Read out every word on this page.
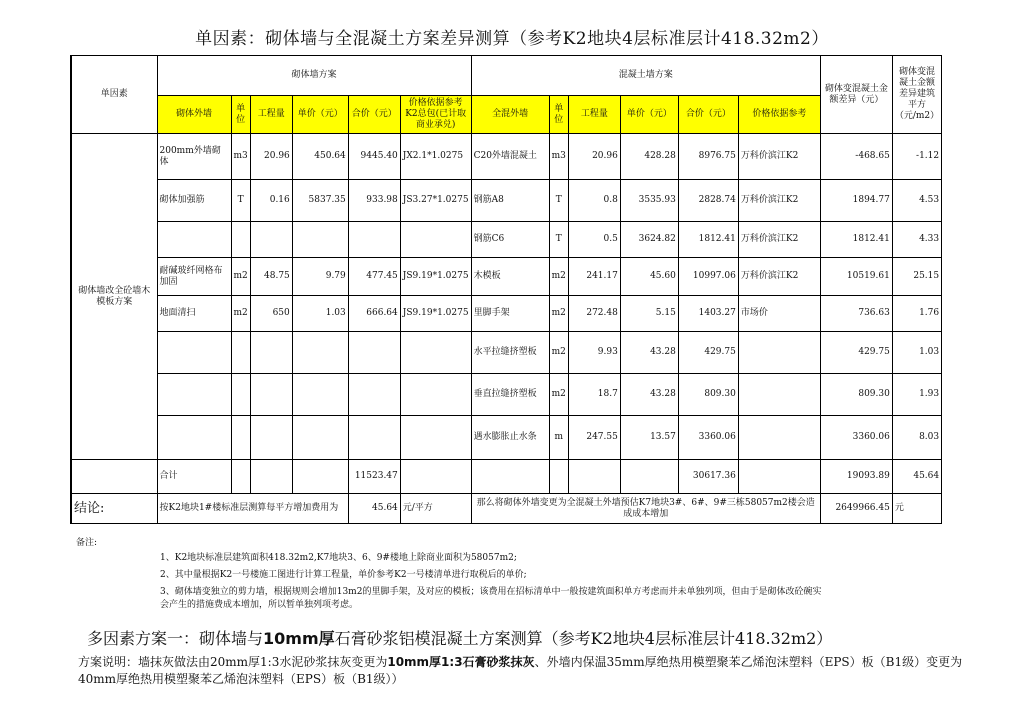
单因素：砌体墙与全混凝土方案差异测算（参考K2地块4层标准层计418.32m2）
单因素	砌体墙方案						混凝土墙方案						砌体变混凝土金额差异（元）	砌体变混凝土金额差异建筑平方（元/m2）
	砌体外墙	单位	工程量	单价（元）	合价（元）	价格依据参考K2总包(已计取商业承兑)	全混外墙	单位	工程量	单价（元）	合价（元）	价格依据参考		
砌体墙改全砼墙木模板方案	200mm外墙砌体	m3	20.96	450.64	9445.40	JX2.1*1.0275	C20外墙混凝土	m3	20.96	428.28	8976.75	万科价滨江K2	-468.65	-1.12
	砌体加强筋	T	0.16	5837.35	933.98	JS3.27*1.0275	钢筋A8	T	0.8	3535.93	2828.74	万科价滨江K2	1894.77	4.53
							钢筋C6	T	0.5	3624.82	1812.41	万科价滨江K2	1812.41	4.33
	耐碱玻纤网格布加固	m2	48.75	9.79	477.45	JS9.19*1.0275	木模板	m2	241.17	45.60	10997.06	万科价滨江K2	10519.61	25.15
	地面清扫	m2	650	1.03	666.64	JS9.19*1.0275	里脚手架	m2	272.48	5.15	1403.27	市场价	736.63	1.76
							水平拉缝挤塑板	m2	9.93	43.28	429.75		429.75	1.03
							垂直拉缝挤塑板	m2	18.7	43.28	809.30		809.30	1.93
							遇水膨胀止水条	m	247.55	13.57	3360.06		3360.06	8.03
	合计				11523.47						30617.36		19093.89	45.64
结论:	按K2地块1#楼标准层测算每平方增加费用为				45.64	元/平方	那么将砌体外墙变更为全混凝土外墙预估K7地块3#、6#、9#三栋58057m2楼会造成成本增加						2649966.45	元
备注:
1、K2地块标准层建筑面积418.32m2,K7地块3、6、9#楼地上除商业面积为58057m2;
2、其中量根据K2一号楼施工图进行计算工程量，单价参考K2一号楼清单进行取税后的单价;
3、砌体墙变独立的剪力墙，根据规则会增加13m2的里脚手架，及对应的模板；该费用在招标清单中一般按建筑面积单方考虑而并未单独列项，但由于是砌体改砼碗实
会产生的措施费成本增加，所以暂单独列项考虑。
多因素方案一：砌体墙与10mm厚石膏砂浆铝模混凝土方案测算（参考K2地块4层标准层计418.32m2）
方案说明：墙抹灰做法由20mm厚1:3水泥砂浆抹灰变更为10mm厚1:3石膏砂浆抹灰、外墙内保温35mm厚绝热用模塑聚苯乙烯泡沫塑料（EPS）板（B1级）变更为40mm厚绝热用模塑聚苯乙烯泡沫塑料（EPS）板（B1级））
